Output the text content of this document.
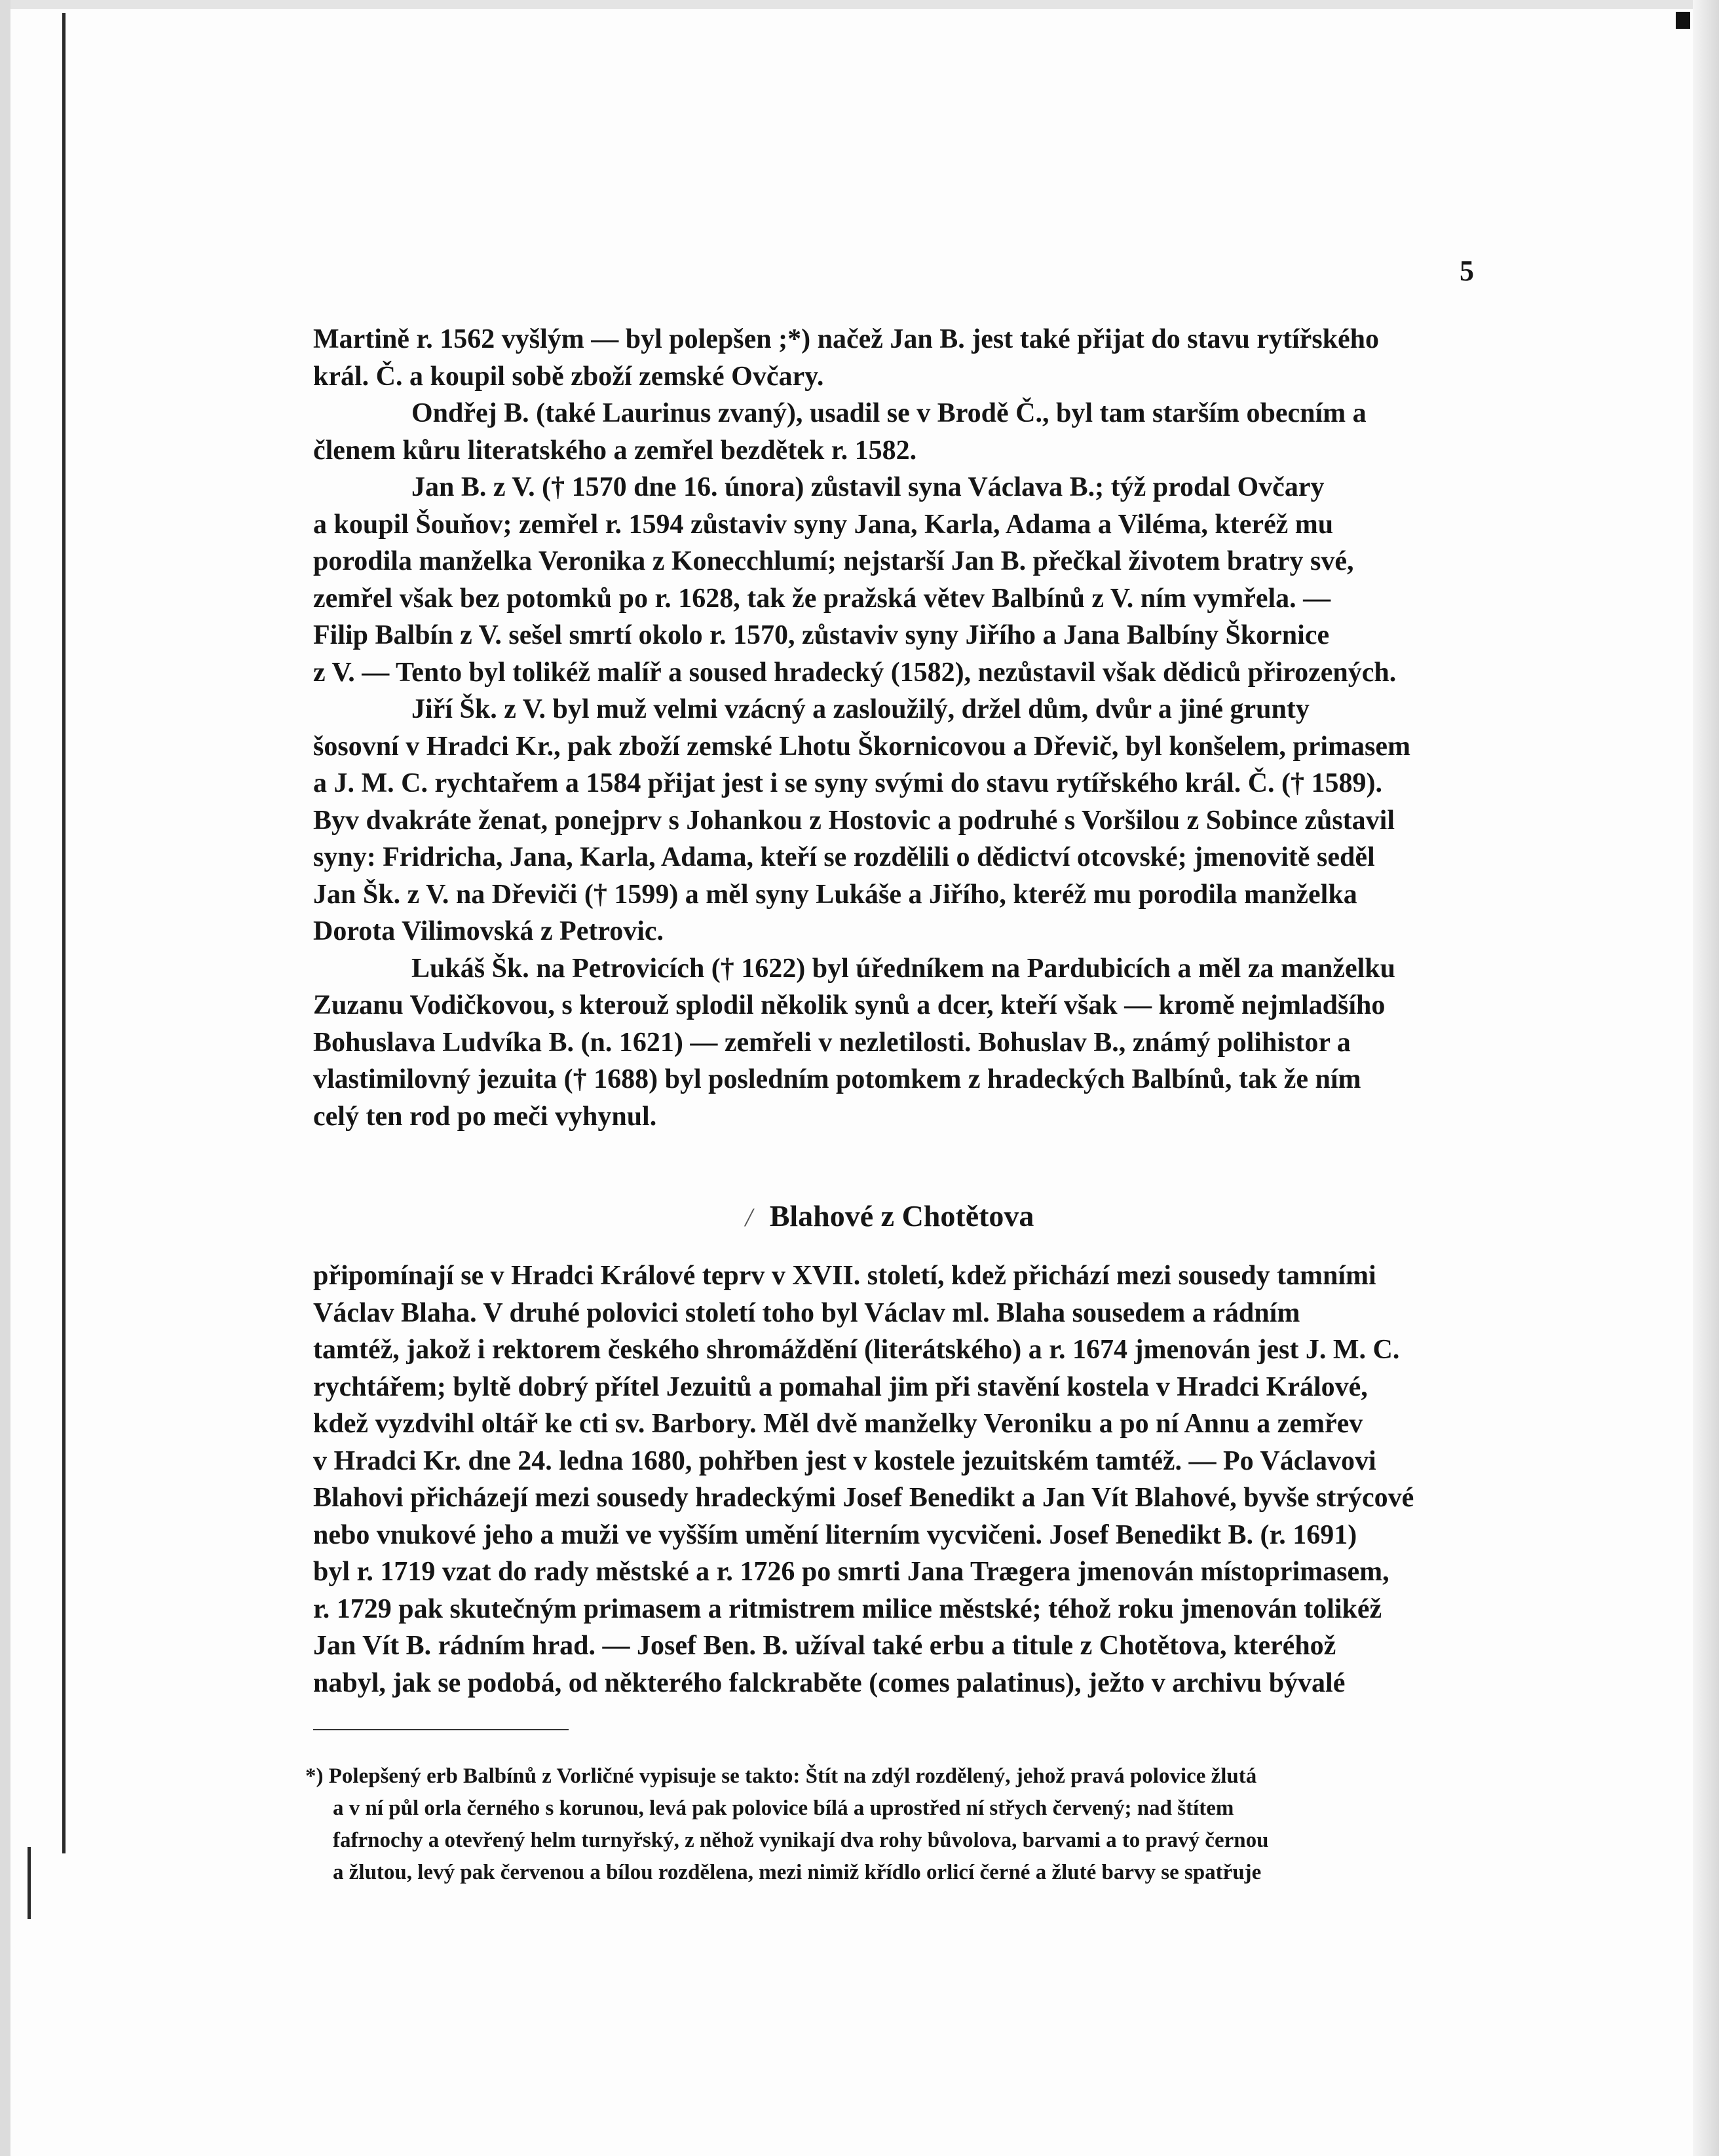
5
Martině r. 1562 vyšlým — byl polepšen ;*) načež Jan B. jest také přijat do stavu rytířského
král. Č. a koupil sobě zboží zemské Ovčary.
Ondřej B. (také Laurinus zvaný), usadil se v Brodě Č., byl tam starším obecním a
členem kůru literatského a zemřel bezdětek r. 1582.
Jan B. z V. († 1570 dne 16. února) zůstavil syna Václava B.; týž prodal Ovčary
a koupil Šouňov; zemřel r. 1594 zůstaviv syny Jana, Karla, Adama a Viléma, kteréž mu
porodila manželka Veronika z Konecchlumí; nejstarší Jan B. přečkal životem bratry své,
zemřel však bez potomků po r. 1628, tak že pražská větev Balbínů z V. ním vymřela. —
Filip Balbín z V. sešel smrtí okolo r. 1570, zůstaviv syny Jiřího a Jana Balbíny Škornice
z V. — Tento byl tolikéž malíř a soused hradecký (1582), nezůstavil však dědiců přirozených.
Jiří Šk. z V. byl muž velmi vzácný a zasloužilý, držel dům, dvůr a jiné grunty
šosovní v Hradci Kr., pak zboží zemské Lhotu Škornicovou a Dřevič, byl konšelem, primasem
a J. M. C. rychtařem a 1584 přijat jest i se syny svými do stavu rytířského král. Č. († 1589).
Byv dvakráte ženat, ponejprv s Johankou z Hostovic a podruhé s Voršilou z Sobince zůstavil
syny: Fridricha, Jana, Karla, Adama, kteří se rozdělili o dědictví otcovské; jmenovitě seděl
Jan Šk. z V. na Dřeviči († 1599) a měl syny Lukáše a Jiřího, kteréž mu porodila manželka
Dorota Vilimovská z Petrovic.
Lukáš Šk. na Petrovicích († 1622) byl úředníkem na Pardubicích a měl za manželku
Zuzanu Vodičkovou, s kterouž splodil několik synů a dcer, kteří však — kromě nejmladšího
Bohuslava Ludvíka B. (n. 1621) — zemřeli v nezletilosti. Bohuslav B., známý polihistor a
vlastimilovný jezuita († 1688) byl posledním potomkem z hradeckých Balbínů, tak že ním
celý ten rod po meči vyhynul.
/ Blahové z Chotětova
připomínají se v Hradci Králové teprv v XVII. století, kdež přichází mezi sousedy tamními
Václav Blaha. V druhé polovici století toho byl Václav ml. Blaha sousedem a rádním
tamtéž, jakož i rektorem českého shromáždění (literátského) a r. 1674 jmenován jest J. M. C.
rychtářem; byltě dobrý přítel Jezuitů a pomahal jim při stavění kostela v Hradci Králové,
kdež vyzdvihl oltář ke cti sv. Barbory. Měl dvě manželky Veroniku a po ní Annu a zemřev
v Hradci Kr. dne 24. ledna 1680, pohřben jest v kostele jezuitském tamtéž. — Po Václavovi
Blahovi přicházejí mezi sousedy hradeckými Josef Benedikt a Jan Vít Blahové, byvše strýcové
nebo vnukové jeho a muži ve vyšším umění literním vycvičeni. Josef Benedikt B. (r. 1691)
byl r. 1719 vzat do rady městské a r. 1726 po smrti Jana Trægera jmenován místoprimasem,
r. 1729 pak skutečným primasem a ritmistrem milice městské; téhož roku jmenován tolikéž
Jan Vít B. rádním hrad. — Josef Ben. B. užíval také erbu a titule z Chotětova, kteréhož
nabyl, jak se podobá, od některého falckraběte (comes palatinus), ježto v archivu bývalé
*) Polepšený erb Balbínů z Vorličné vypisuje se takto: Štít na zdýl rozdělený, jehož pravá polovice žlutá
a v ní půl orla černého s korunou, levá pak polovice bílá a uprostřed ní střych červený; nad štítem
fafrnochy a otevřený helm turnyřský, z něhož vynikají dva rohy bůvolova, barvami a to pravý černou
a žlutou, levý pak červenou a bílou rozdělena, mezi nimiž křídlo orlicí černé a žluté barvy se spatřuje
